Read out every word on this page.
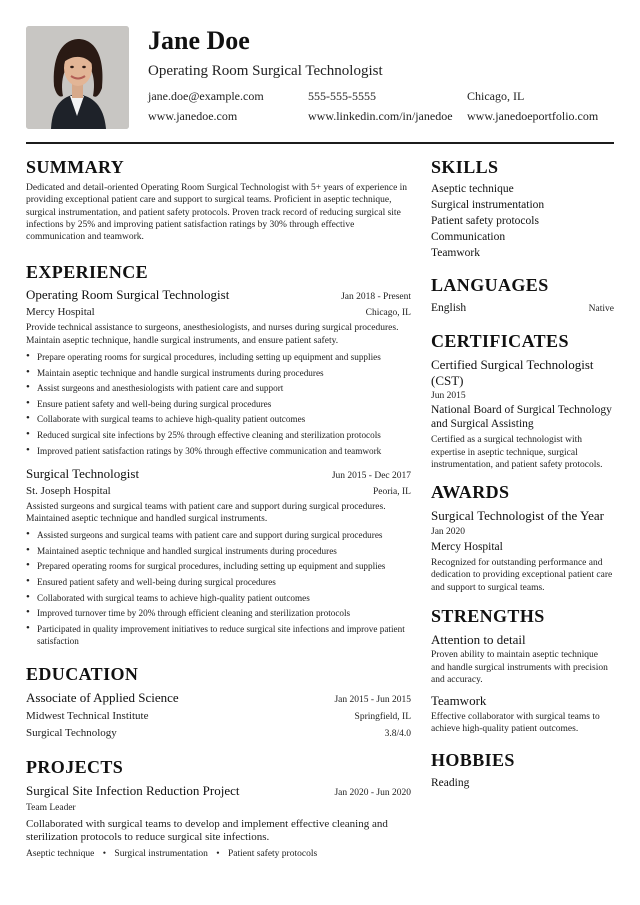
Jane Doe
Operating Room Surgical Technologist
jane.doe@example.com	555-555-5555	Chicago, IL
www.janedoe.com	www.linkedin.com/in/janedoe www.janedoeportfolio.com
SUMMARY

Dedicated and detail-oriented Operating Room Surgical Technologist with 5+ years of experience in providing exceptional patient care and support to surgical teams. Proficient in aseptic technique, surgical instrumentation, and patient safety protocols. Proven track record of reducing surgical site infections by 25% and improving patient satisfaction ratings by 30% through effective communication and teamwork.

EXPERIENCE
Operating Room Surgical Technologist	Jan 2018 - Present
Mercy Hospital	Chicago, IL

Provide technical assistance to surgeons, anesthesiologists, and nurses during surgical procedures. Maintain aseptic technique, handle surgical instruments, and ensure patient safety.

• Prepare operating rooms for surgical procedures, including setting up equipment and supplies
• Maintain aseptic technique and handle surgical instruments during procedures
• Assist surgeons and anesthesiologists with patient care and support
• Ensure patient safety and well-being during surgical procedures
• Collaborate with surgical teams to achieve high-quality patient outcomes
• Reduced surgical site infections by 25% through effective cleaning and sterilization protocols
• Improved patient satisfaction ratings by 30% through effective communication and teamwork
Surgical Technologist	Jun 2015 - Dec 2017
St. Joseph Hospital	Peoria, IL

Assisted surgeons and surgical teams with patient care and support during surgical procedures. Maintained aseptic technique and handled surgical instruments.

• Assisted surgeons and surgical teams with patient care and support during surgical procedures
• Maintained aseptic technique and handled surgical instruments during procedures
• Prepared operating rooms for surgical procedures, including setting up equipment and supplies
• Ensured patient safety and well-being during surgical procedures
• Collaborated with surgical teams to achieve high-quality patient outcomes
• Improved turnover time by 20% through efficient cleaning and sterilization protocols
• Participated in quality improvement initiatives to reduce surgical site infections and improve patient satisfaction
EDUCATION
Associate of Applied Science	Jan 2015 - Jun 2015
Midwest Technical Institute	Springfield, IL
Surgical Technology	3.8/4.0
PROJECTS
Surgical Site Infection Reduction Project	Jan 2020 - Jun 2020
Team Leader

Collaborated with surgical teams to develop and implement effective cleaning and sterilization protocols to reduce surgical site infections.

Aseptic technique • Surgical instrumentation • Patient safety protocols
SKILLS
Aseptic technique
Surgical instrumentation
Patient safety protocols
Communication
Teamwork
LANGUAGES
English	Native
CERTIFICATES
Certified Surgical Technologist (CST)
Jun 2015
National Board of Surgical Technology and Surgical Assisting
Certified as a surgical technologist with expertise in aseptic technique, surgical instrumentation, and patient safety protocols.
AWARDS
Surgical Technologist of the Year
Jan 2020
Mercy Hospital
Recognized for outstanding performance and dedication to providing exceptional patient care and support to surgical teams.
STRENGTHS
Attention to detail
Proven ability to maintain aseptic technique and handle surgical instruments with precision and accuracy.
Teamwork
Effective collaborator with surgical teams to achieve high-quality patient outcomes.
HOBBIES
Reading
